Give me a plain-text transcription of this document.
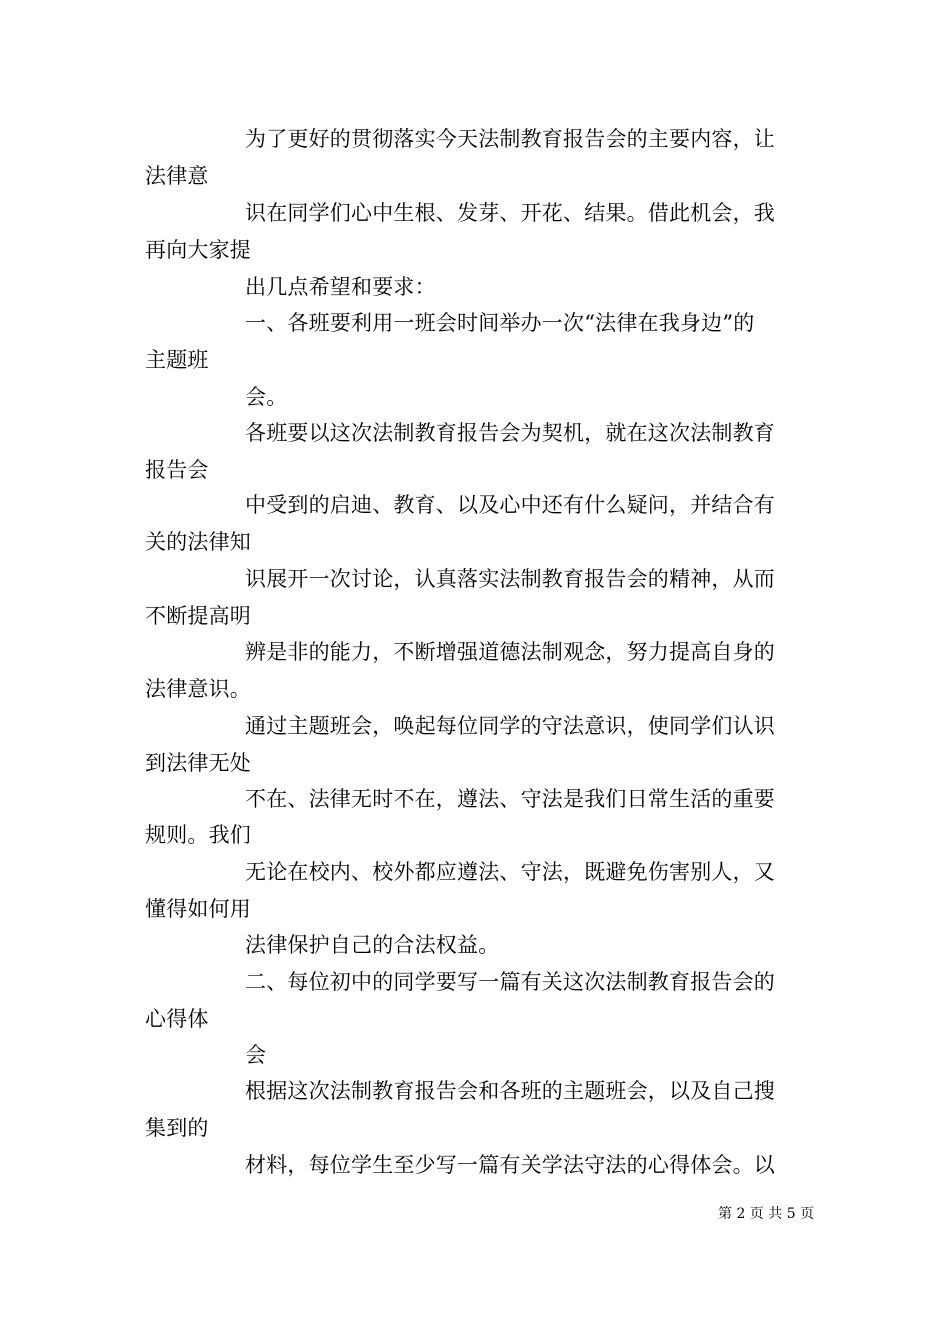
为了更好的贯彻落实今天法制教育报告会的主要内容，让
法律意
识在同学们心中生根、发芽、开花、结果。借此机会，我
再向大家提
出几点希望和要求：
一、各班要利用一班会时间举办一次“法律在我身边”的
主题班
会。
各班要以这次法制教育报告会为契机，就在这次法制教育
报告会
中受到的启迪、教育、以及心中还有什么疑问，并结合有
关的法律知
识展开一次讨论，认真落实法制教育报告会的精神，从而
不断提高明
辨是非的能力，不断增强道德法制观念，努力提高自身的
法律意识。
通过主题班会，唤起每位同学的守法意识，使同学们认识
到法律无处
不在、法律无时不在，遵法、守法是我们日常生活的重要
规则。我们
无论在校内、校外都应遵法、守法，既避免伤害别人，又
懂得如何用
法律保护自己的合法权益。
二、每位初中的同学要写一篇有关这次法制教育报告会的
心得体
会
根据这次法制教育报告会和各班的主题班会，以及自己搜
集到的
材料，每位学生至少写一篇有关学法守法的心得体会。以
第 2 页 共 5 页
